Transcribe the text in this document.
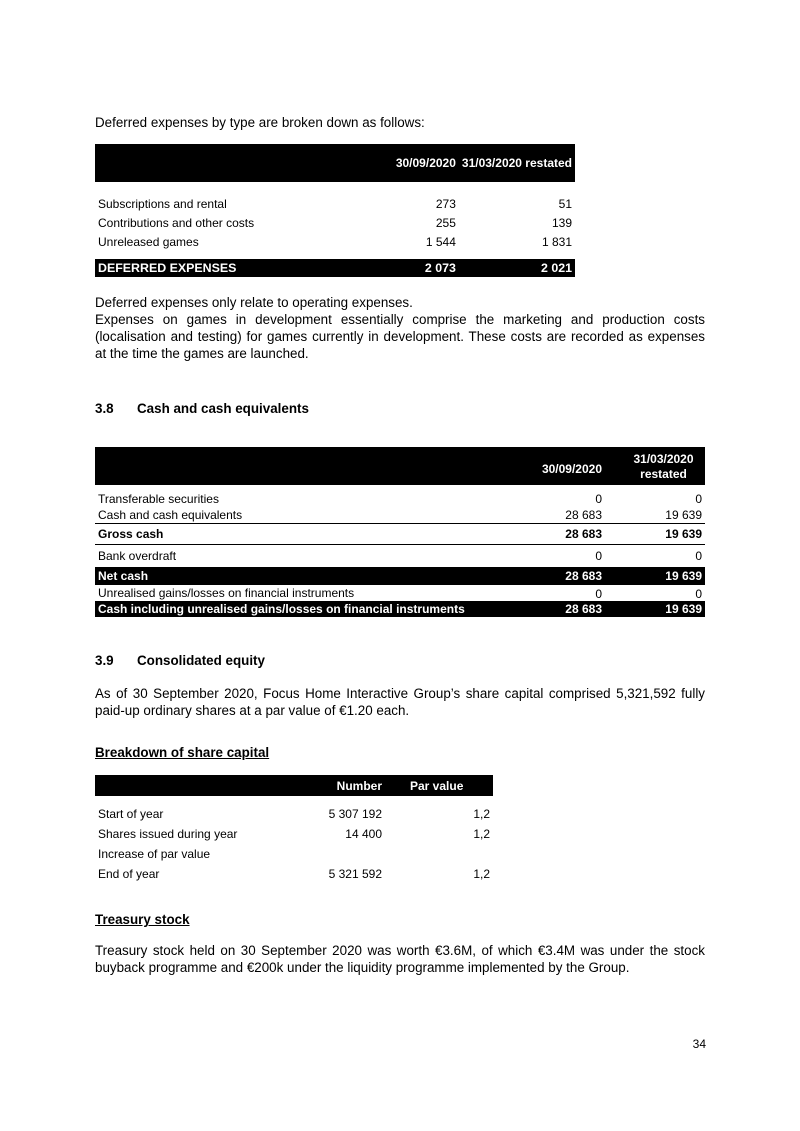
Deferred expenses by type are broken down as follows:
	30/09/2020	31/03/2020 restated

Subscriptions and rental	273	51
Contributions and other costs	255	139
Unreleased games	1 544	1 831

DEFERRED EXPENSES	2 073	2 021
Deferred expenses only relate to operating expenses.
Expenses on games in development essentially comprise the marketing and production costs (localisation and testing) for games currently in development. These costs are recorded as expenses at the time the games are launched.
3.8 Cash and cash equivalents
	30/09/2020	31/03/2020
restated
Transferable securities	0	0
Cash and cash equivalents	28 683	19 639
Gross cash	28 683	19 639
Bank overdraft	0	0
Net cash	28 683	19 639
Unrealised gains/losses on financial instruments	0	0
Cash including unrealised gains/losses on financial instruments	28 683	19 639
3.9 Consolidated equity
As of 30 September 2020, Focus Home Interactive Group’s share capital comprised 5,321,592 fully paid-up ordinary shares at a par value of €1.20 each.
Breakdown of share capital
	Number	Par value

Start of year	5 307 192	1,2
Shares issued during year	14 400	1,2
Increase of par value		
End of year	5 321 592	1,2
Treasury stock
Treasury stock held on 30 September 2020 was worth €3.6M, of which €3.4M was under the stock buyback programme and €200k under the liquidity programme implemented by the Group.
34
